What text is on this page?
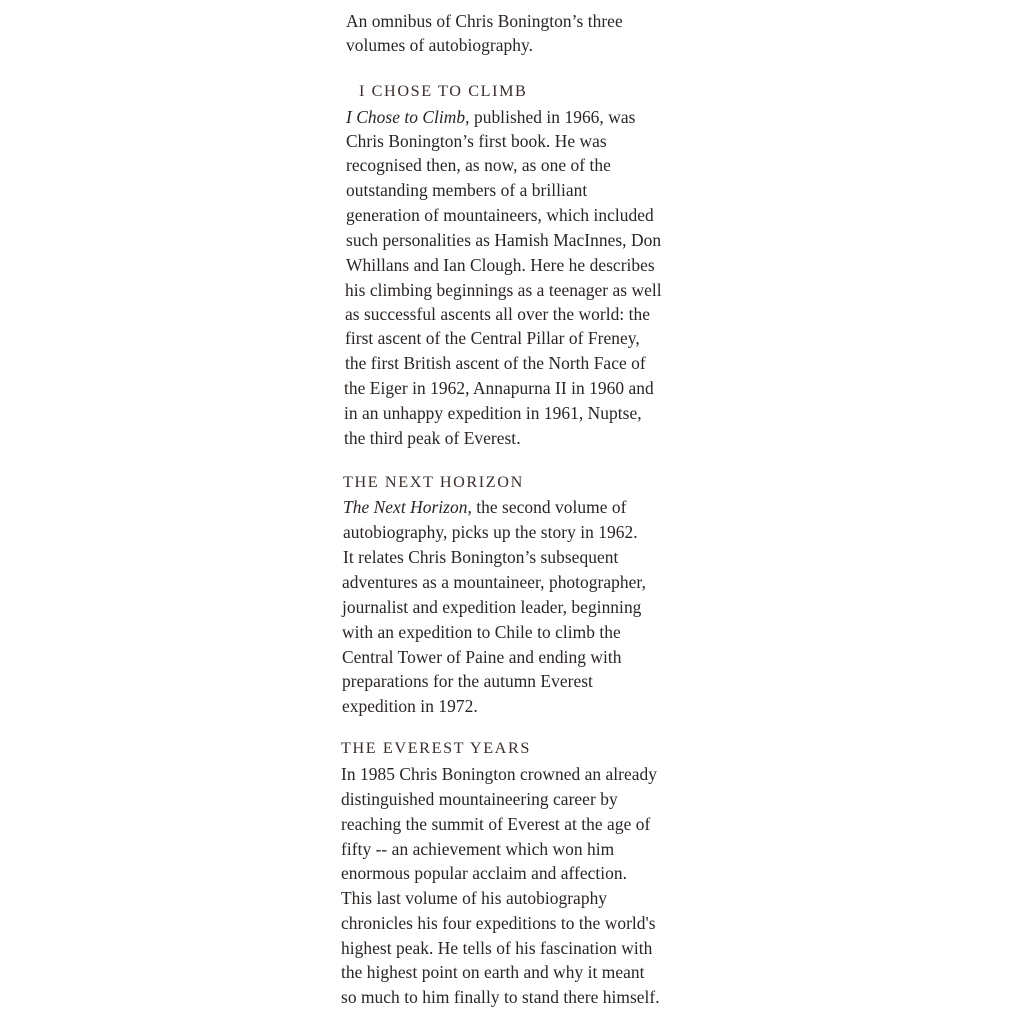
An omnibus of Chris Bonington’s three
volumes of autobiography.
I CHOSE TO CLIMB
I Chose to Climb, published in 1966, was
Chris Bonington’s first book. He was
recognised then, as now, as one of the
outstanding members of a brilliant
generation of mountaineers, which included
such personalities as Hamish MacInnes, Don
Whillans and Ian Clough. Here he describes
his climbing beginnings as a teenager as well
as successful ascents all over the world: the
first ascent of the Central Pillar of Freney,
the first British ascent of the North Face of
the Eiger in 1962, Annapurna II in 1960 and
in an unhappy expedition in 1961, Nuptse,
the third peak of Everest.
THE NEXT HORIZON
The Next Horizon, the second volume of
autobiography, picks up the story in 1962.
It relates Chris Bonington’s subsequent
adventures as a mountaineer, photographer,
journalist and expedition leader, beginning
with an expedition to Chile to climb the
Central Tower of Paine and ending with
preparations for the autumn Everest
expedition in 1972.
THE EVEREST YEARS
In 1985 Chris Bonington crowned an already
distinguished mountaineering career by
reaching the summit of Everest at the age of
fifty -- an achievement which won him
enormous popular acclaim and affection.
This last volume of his autobiography
chronicles his four expeditions to the world's
highest peak. He tells of his fascination with
the highest point on earth and why it meant
so much to him finally to stand there himself.
